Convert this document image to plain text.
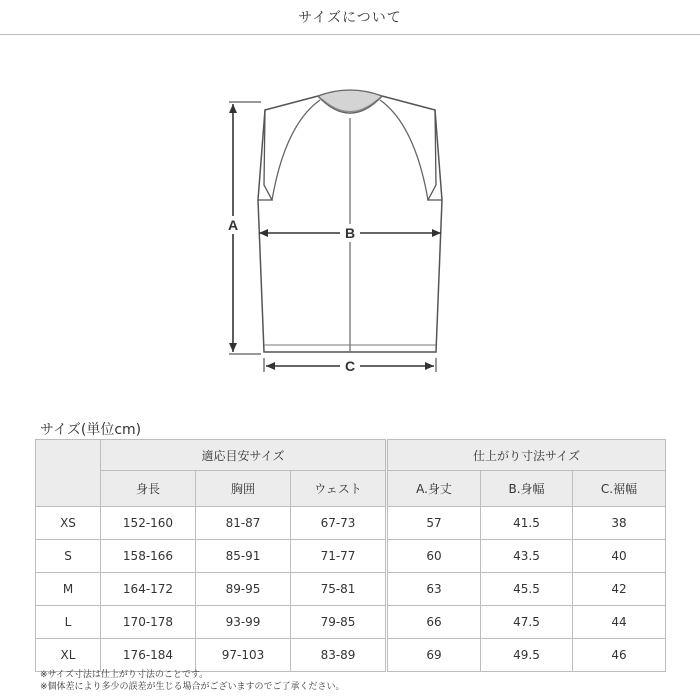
サイズについて
A	B
C
サイズ(単位cm)
	適応目安サイズ				仕上がり寸法サイズ		
	身長	胸囲	ウェスト		A.身丈	B.身幅	C.裾幅
XS	152-160	81-87	67-73		57	41.5	38
S	158-166	85-91	71-77		60	43.5	40
M	164-172	89-95	75-81		63	45.5	42
L	170-178	93-99	79-85		66	47.5	44
XL	176-184	97-103	83-89		69	49.5	46
※サイズ寸法は仕上がり寸法のことです。
※個体差により多少の誤差が生じる場合がございますのでご了承ください。
